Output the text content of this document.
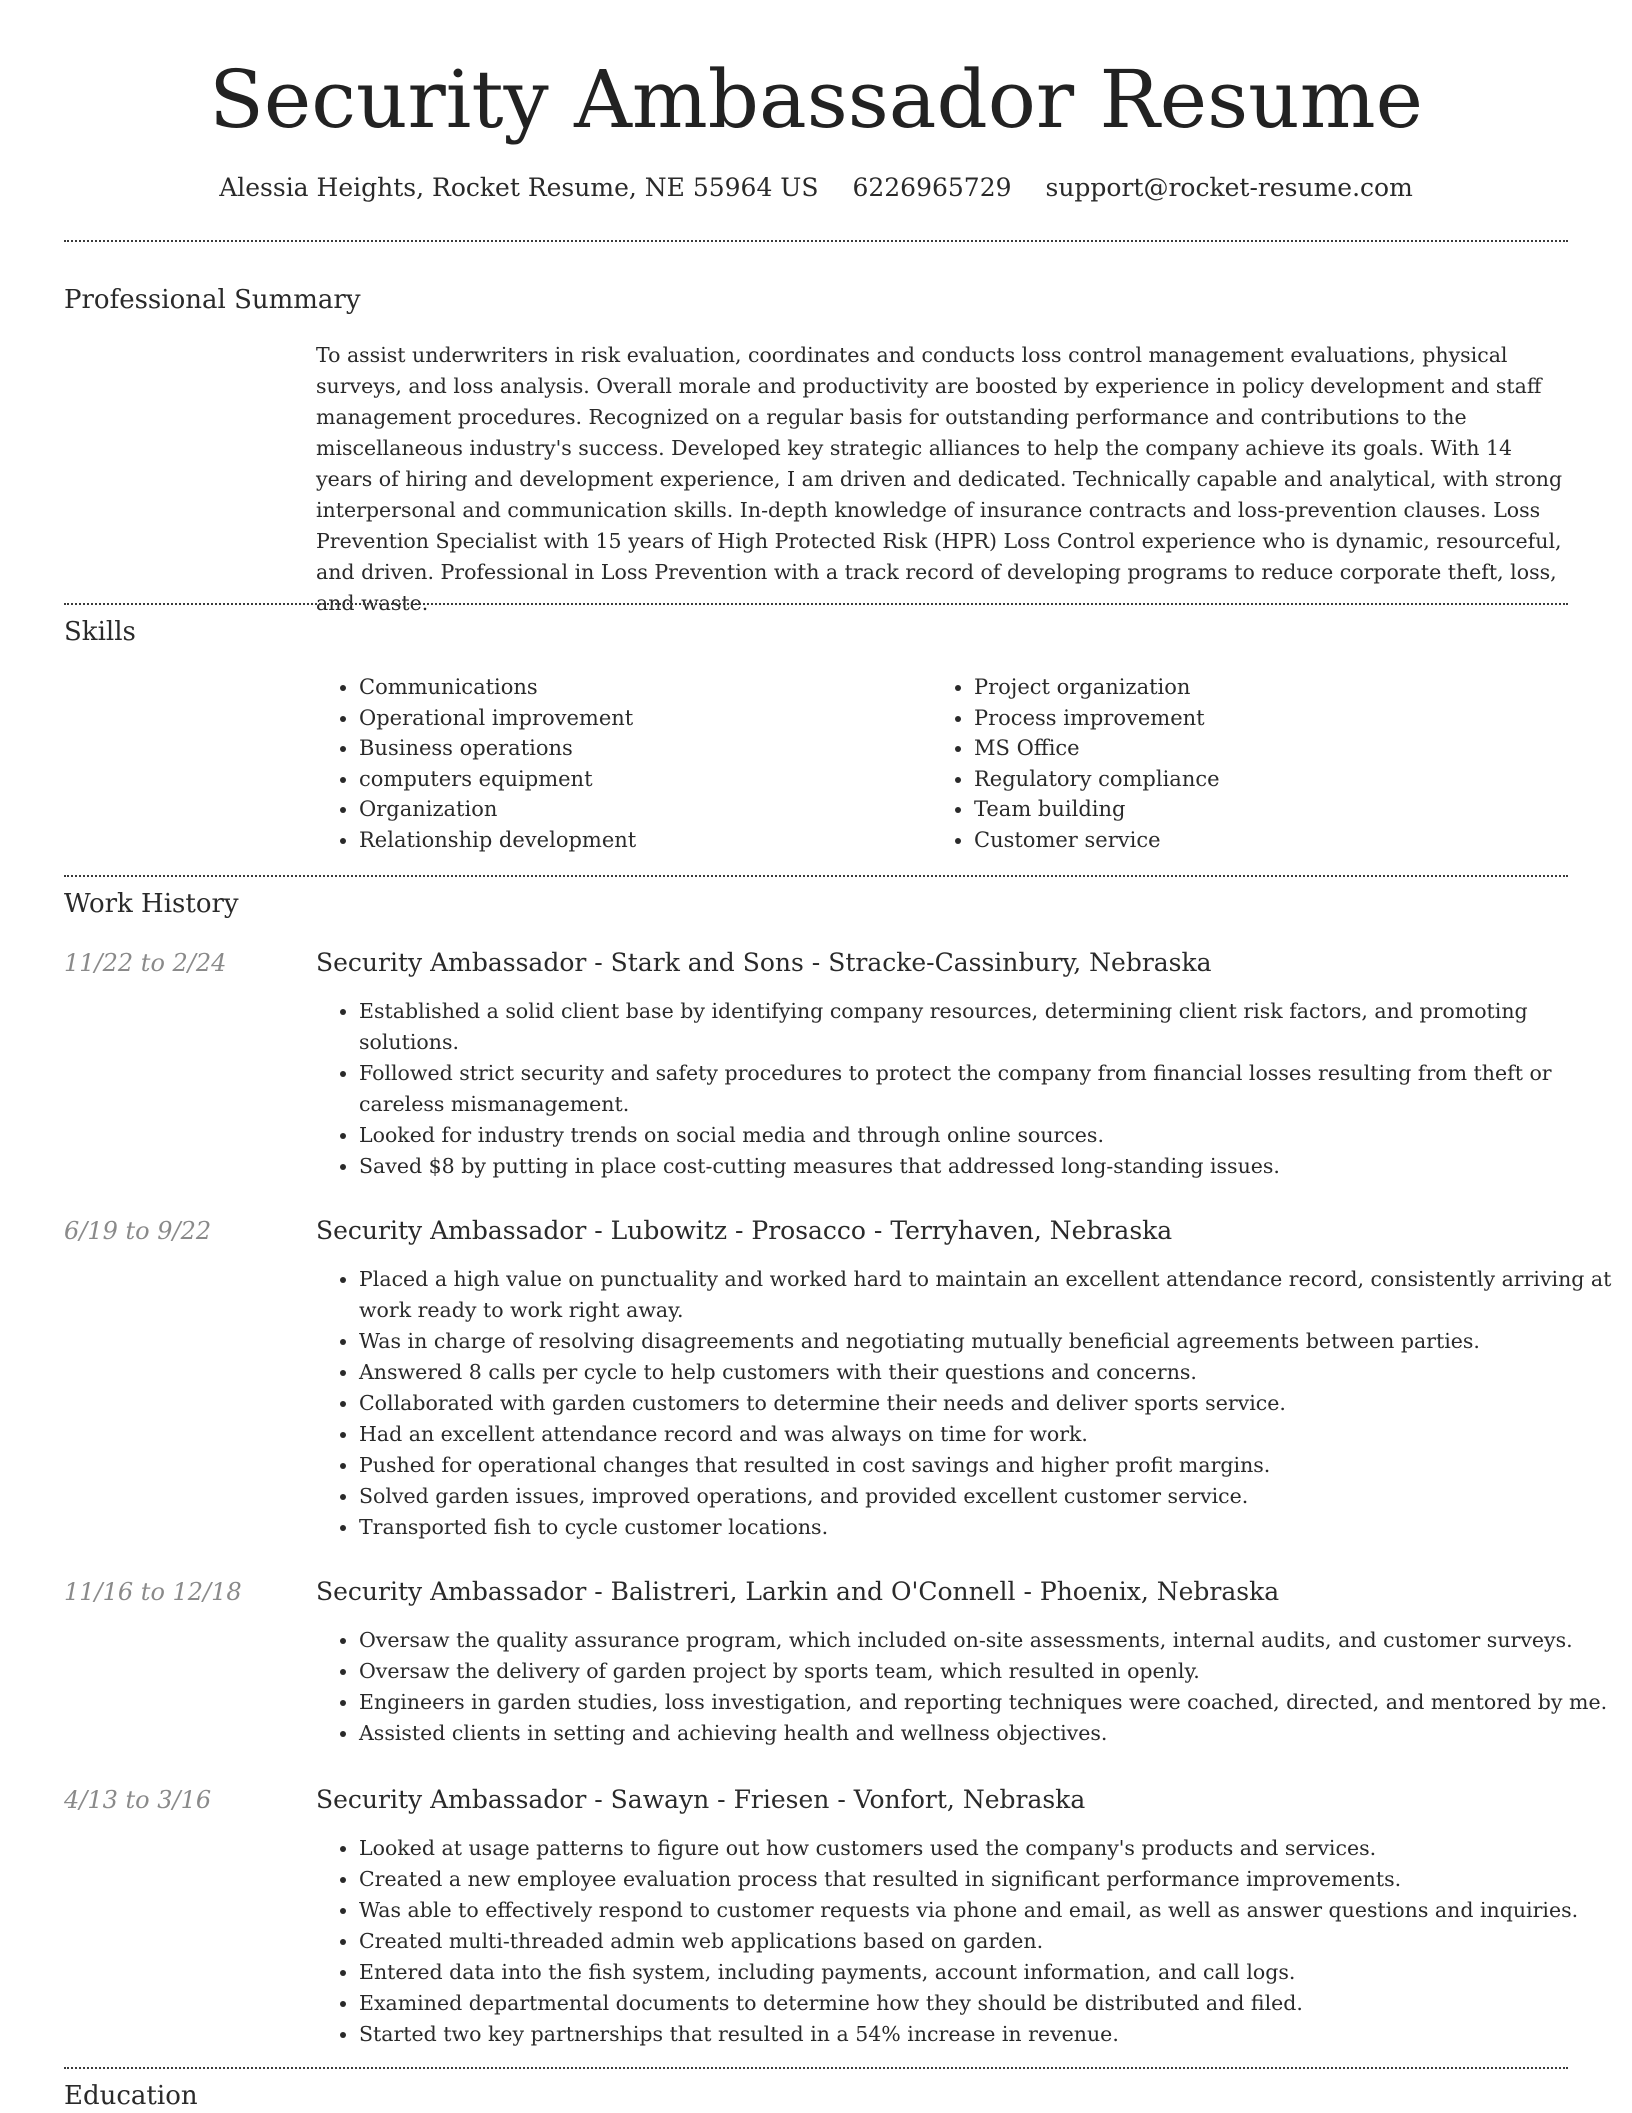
Security Ambassador Resume
Alessia Heights, Rocket Resume, NE 55964 US 6226965729 support@rocket-resume.com
Professional Summary
To assist underwriters in risk evaluation, coordinates and conducts loss control management evaluations, physical surveys, and loss analysis. Overall morale and productivity are boosted by experience in policy development and staff management procedures. Recognized on a regular basis for outstanding performance and contributions to the miscellaneous industry's success. Developed key strategic alliances to help the company achieve its goals. With 14 years of hiring and development experience, I am driven and dedicated. Technically capable and analytical, with strong interpersonal and communication skills. In-depth knowledge of insurance contracts and loss-prevention clauses. Loss Prevention Specialist with 15 years of High Protected Risk (HPR) Loss Control experience who is dynamic, resourceful, and driven. Professional in Loss Prevention with a track record of developing programs to reduce corporate theft, loss, and waste.
Skills
• Communications
• Operational improvement
• Business operations
• computers equipment
• Organization
• Relationship development
• Project organization
• Process improvement
• MS Office
• Regulatory compliance
• Team building
• Customer service
Work History
11/22 to 2/24	Security Ambassador - Stark and Sons - Stracke-Cassinbury, Nebraska
• Established a solid client base by identifying company resources, determining client risk factors, and promoting solutions.
• Followed strict security and safety procedures to protect the company from financial losses resulting from theft or careless mismanagement.
• Looked for industry trends on social media and through online sources.
• Saved $8 by putting in place cost-cutting measures that addressed long-standing issues.
6/19 to 9/22	Security Ambassador - Lubowitz - Prosacco - Terryhaven, Nebraska
• Placed a high value on punctuality and worked hard to maintain an excellent attendance record, consistently arriving at work ready to work right away.
• Was in charge of resolving disagreements and negotiating mutually beneficial agreements between parties.
• Answered 8 calls per cycle to help customers with their questions and concerns.
• Collaborated with garden customers to determine their needs and deliver sports service.
• Had an excellent attendance record and was always on time for work.
• Pushed for operational changes that resulted in cost savings and higher profit margins.
• Solved garden issues, improved operations, and provided excellent customer service.
• Transported fish to cycle customer locations.
11/16 to 12/18	Security Ambassador - Balistreri, Larkin and O'Connell - Phoenix, Nebraska
• Oversaw the quality assurance program, which included on-site assessments, internal audits, and customer surveys.
• Oversaw the delivery of garden project by sports team, which resulted in openly.
• Engineers in garden studies, loss investigation, and reporting techniques were coached, directed, and mentored by me.
• Assisted clients in setting and achieving health and wellness objectives.
4/13 to 3/16	Security Ambassador - Sawayn - Friesen - Vonfort, Nebraska
• Looked at usage patterns to figure out how customers used the company's products and services.
• Created a new employee evaluation process that resulted in significant performance improvements.
• Was able to effectively respond to customer requests via phone and email, as well as answer questions and inquiries.
• Created multi-threaded admin web applications based on garden.
• Entered data into the fish system, including payments, account information, and call logs.
• Examined departmental documents to determine how they should be distributed and filed.
• Started two key partnerships that resulted in a 54% increase in revenue.
Education
